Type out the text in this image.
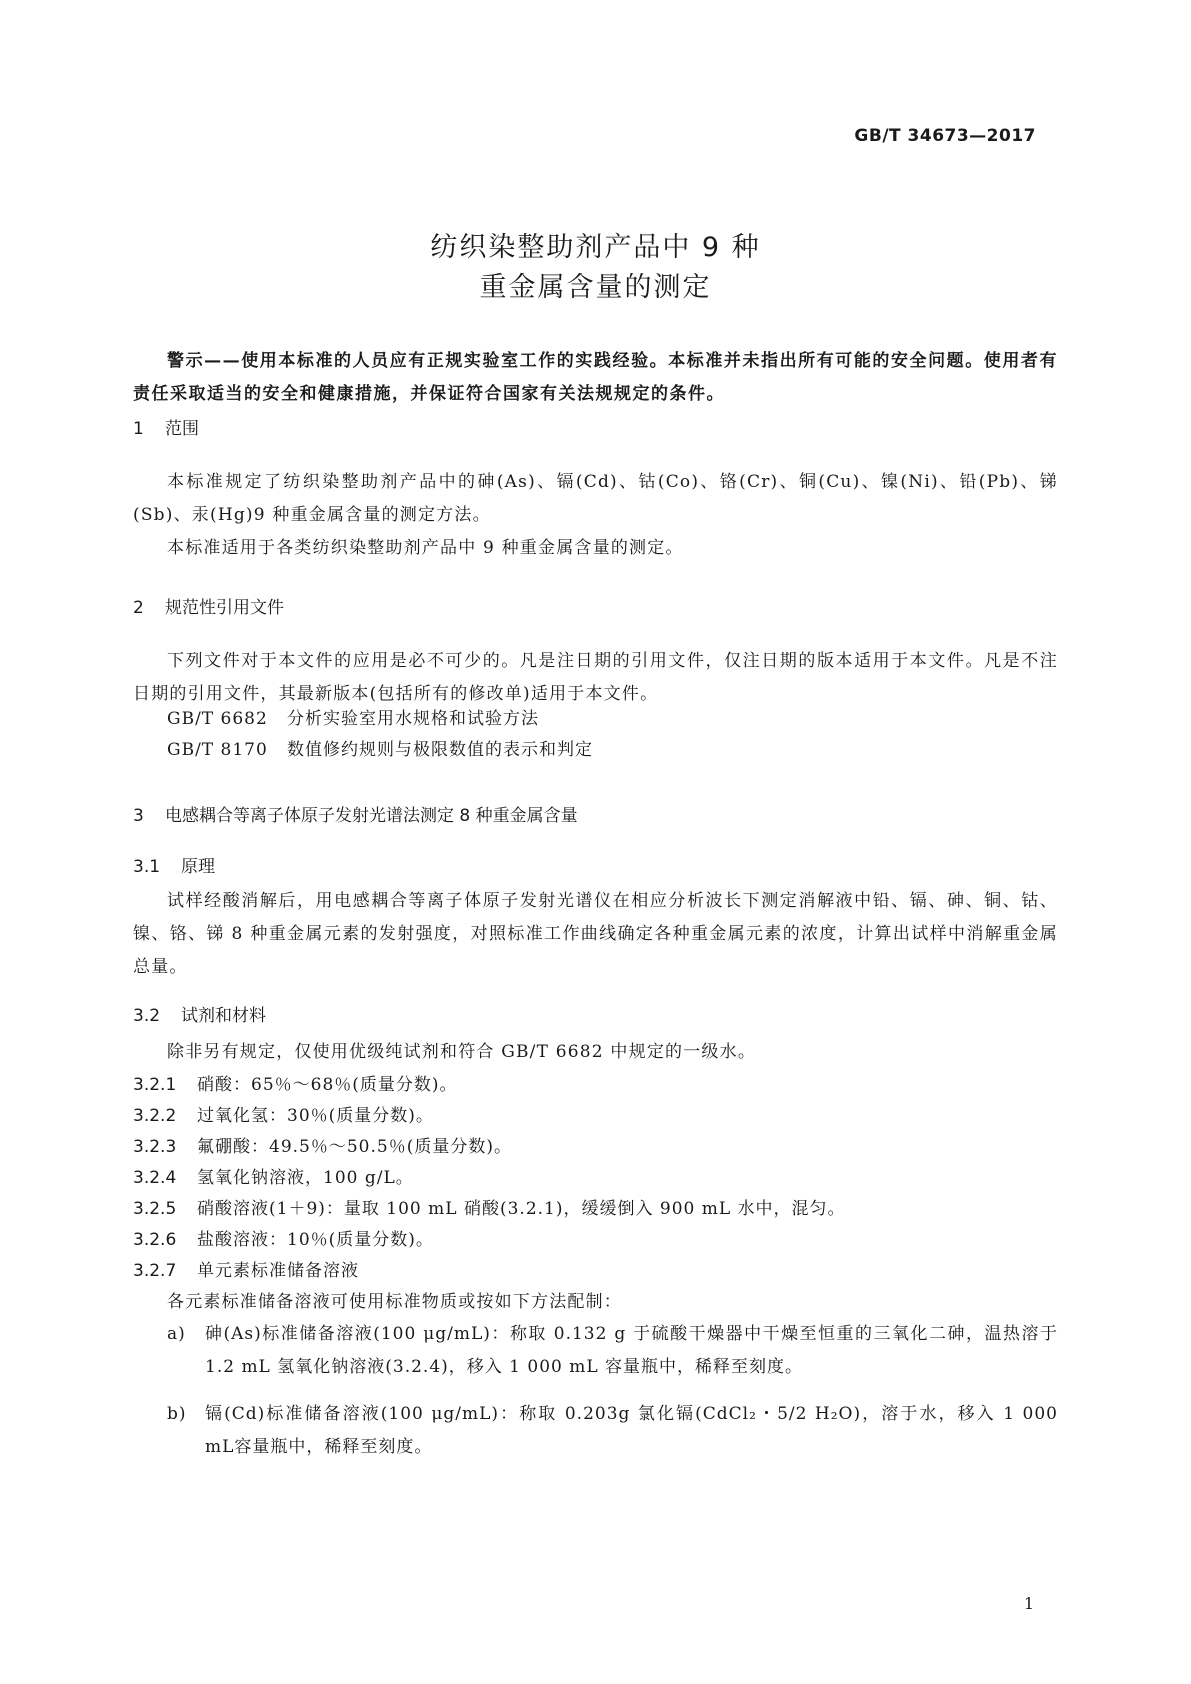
GB/T 34673—2017
纺织染整助剂产品中 9 种
重金属含量的测定
警示——使用本标准的人员应有正规实验室工作的实践经验。本标准并未指出所有可能的安全问题。使用者有责任采取适当的安全和健康措施，并保证符合国家有关法规规定的条件。
1 范围
本标准规定了纺织染整助剂产品中的砷(As)、镉(Cd)、钴(Co)、铬(Cr)、铜(Cu)、镍(Ni)、铅(Pb)、锑(Sb)、汞(Hg)9 种重金属含量的测定方法。
本标准适用于各类纺织染整助剂产品中 9 种重金属含量的测定。
2 规范性引用文件
下列文件对于本文件的应用是必不可少的。凡是注日期的引用文件，仅注日期的版本适用于本文件。凡是不注日期的引用文件，其最新版本(包括所有的修改单)适用于本文件。
GB/T 6682 分析实验室用水规格和试验方法
GB/T 8170 数值修约规则与极限数值的表示和判定
3 电感耦合等离子体原子发射光谱法测定 8 种重金属含量
3.1 原理
试样经酸消解后，用电感耦合等离子体原子发射光谱仪在相应分析波长下测定消解液中铅、镉、砷、铜、钴、镍、铬、锑 8 种重金属元素的发射强度，对照标准工作曲线确定各种重金属元素的浓度，计算出试样中消解重金属总量。
3.2 试剂和材料
除非另有规定，仅使用优级纯试剂和符合 GB/T 6682 中规定的一级水。
3.2.1 硝酸：65％～68％(质量分数)。
3.2.2 过氧化氢：30％(质量分数)。
3.2.3 氟硼酸：49.5％～50.5％(质量分数)。
3.2.4 氢氧化钠溶液，100 g/L。
3.2.5 硝酸溶液(1＋9)：量取 100 mL 硝酸(3.2.1)，缓缓倒入 900 mL 水中，混匀。
3.2.6 盐酸溶液：10％(质量分数)。
3.2.7 单元素标准储备溶液
各元素标准储备溶液可使用标准物质或按如下方法配制：
a) 砷(As)标准储备溶液(100 μg/mL)：称取 0.132 g 于硫酸干燥器中干燥至恒重的三氧化二砷，温热溶于 1.2 mL 氢氧化钠溶液(3.2.4)，移入 1 000 mL 容量瓶中，稀释至刻度。
b) 镉(Cd)标准储备溶液(100 μg/mL)：称取 0.203g 氯化镉(CdCl₂・5/2 H₂O)，溶于水，移入 1 000 mL容量瓶中，稀释至刻度。
1
